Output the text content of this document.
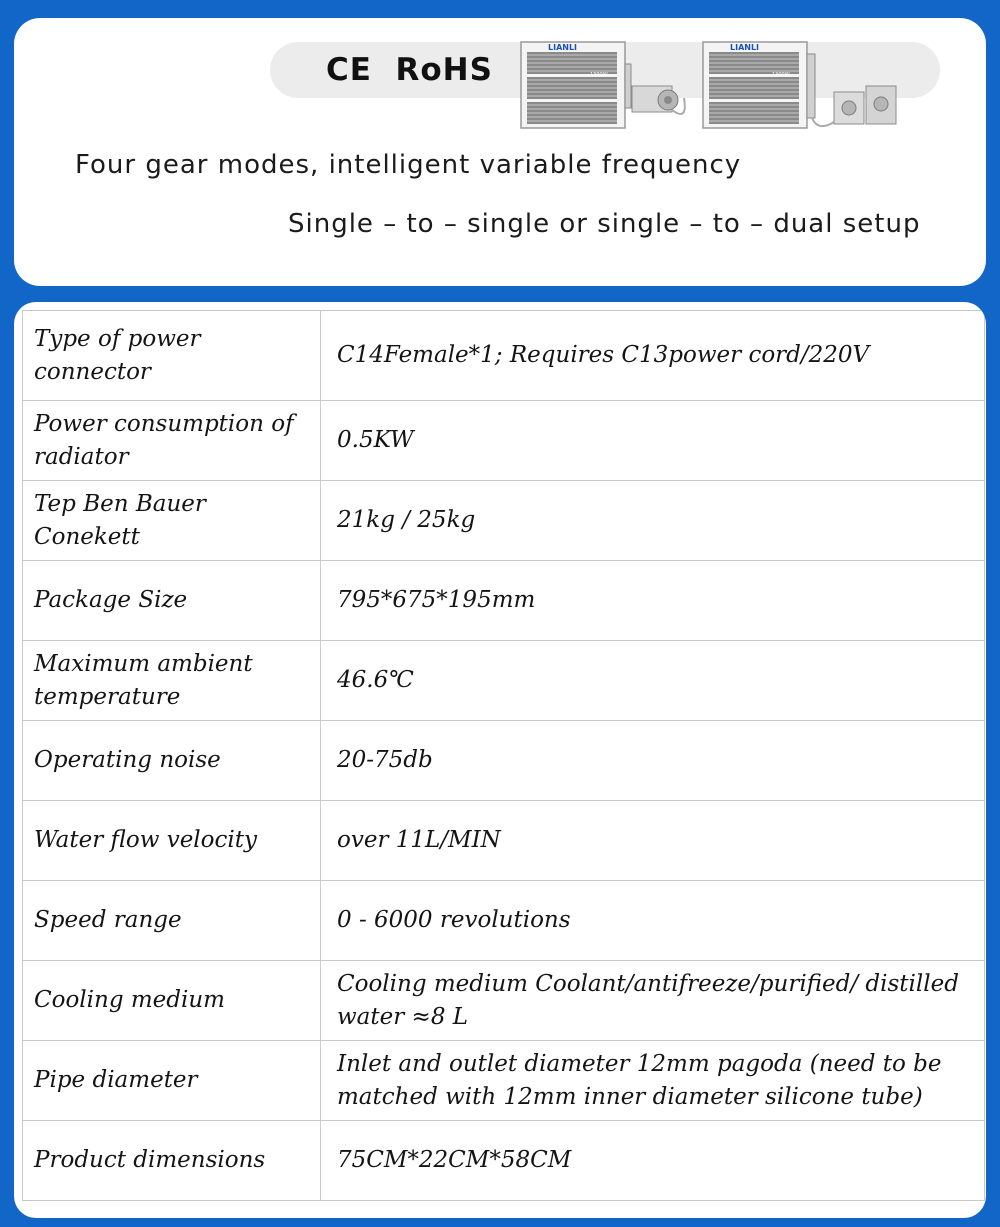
CE  RoHS
LIANLI
1300W
LIANLI
1300W
Four gear modes, intelligent variable frequency
Single – to – single or single – to – dual setup
Type of power connector	C14Female*1; Requires C13power cord/220V
Power consumption of radiator	0.5KW
Tep Ben Bauer Conekett	21kg / 25kg
Package Size	795*675*195mm
Maximum ambient temperature	46.6℃
Operating noise	20-75db
Water flow velocity	over 11L/MIN
Speed range	0 - 6000 revolutions
Cooling medium	Cooling medium Coolant/antifreeze/purified/ distilled water ≈8 L
Pipe diameter	Inlet and outlet diameter 12mm pagoda (need to be matched with 12mm inner diameter silicone tube)
Product dimensions	75CM*22CM*58CM
